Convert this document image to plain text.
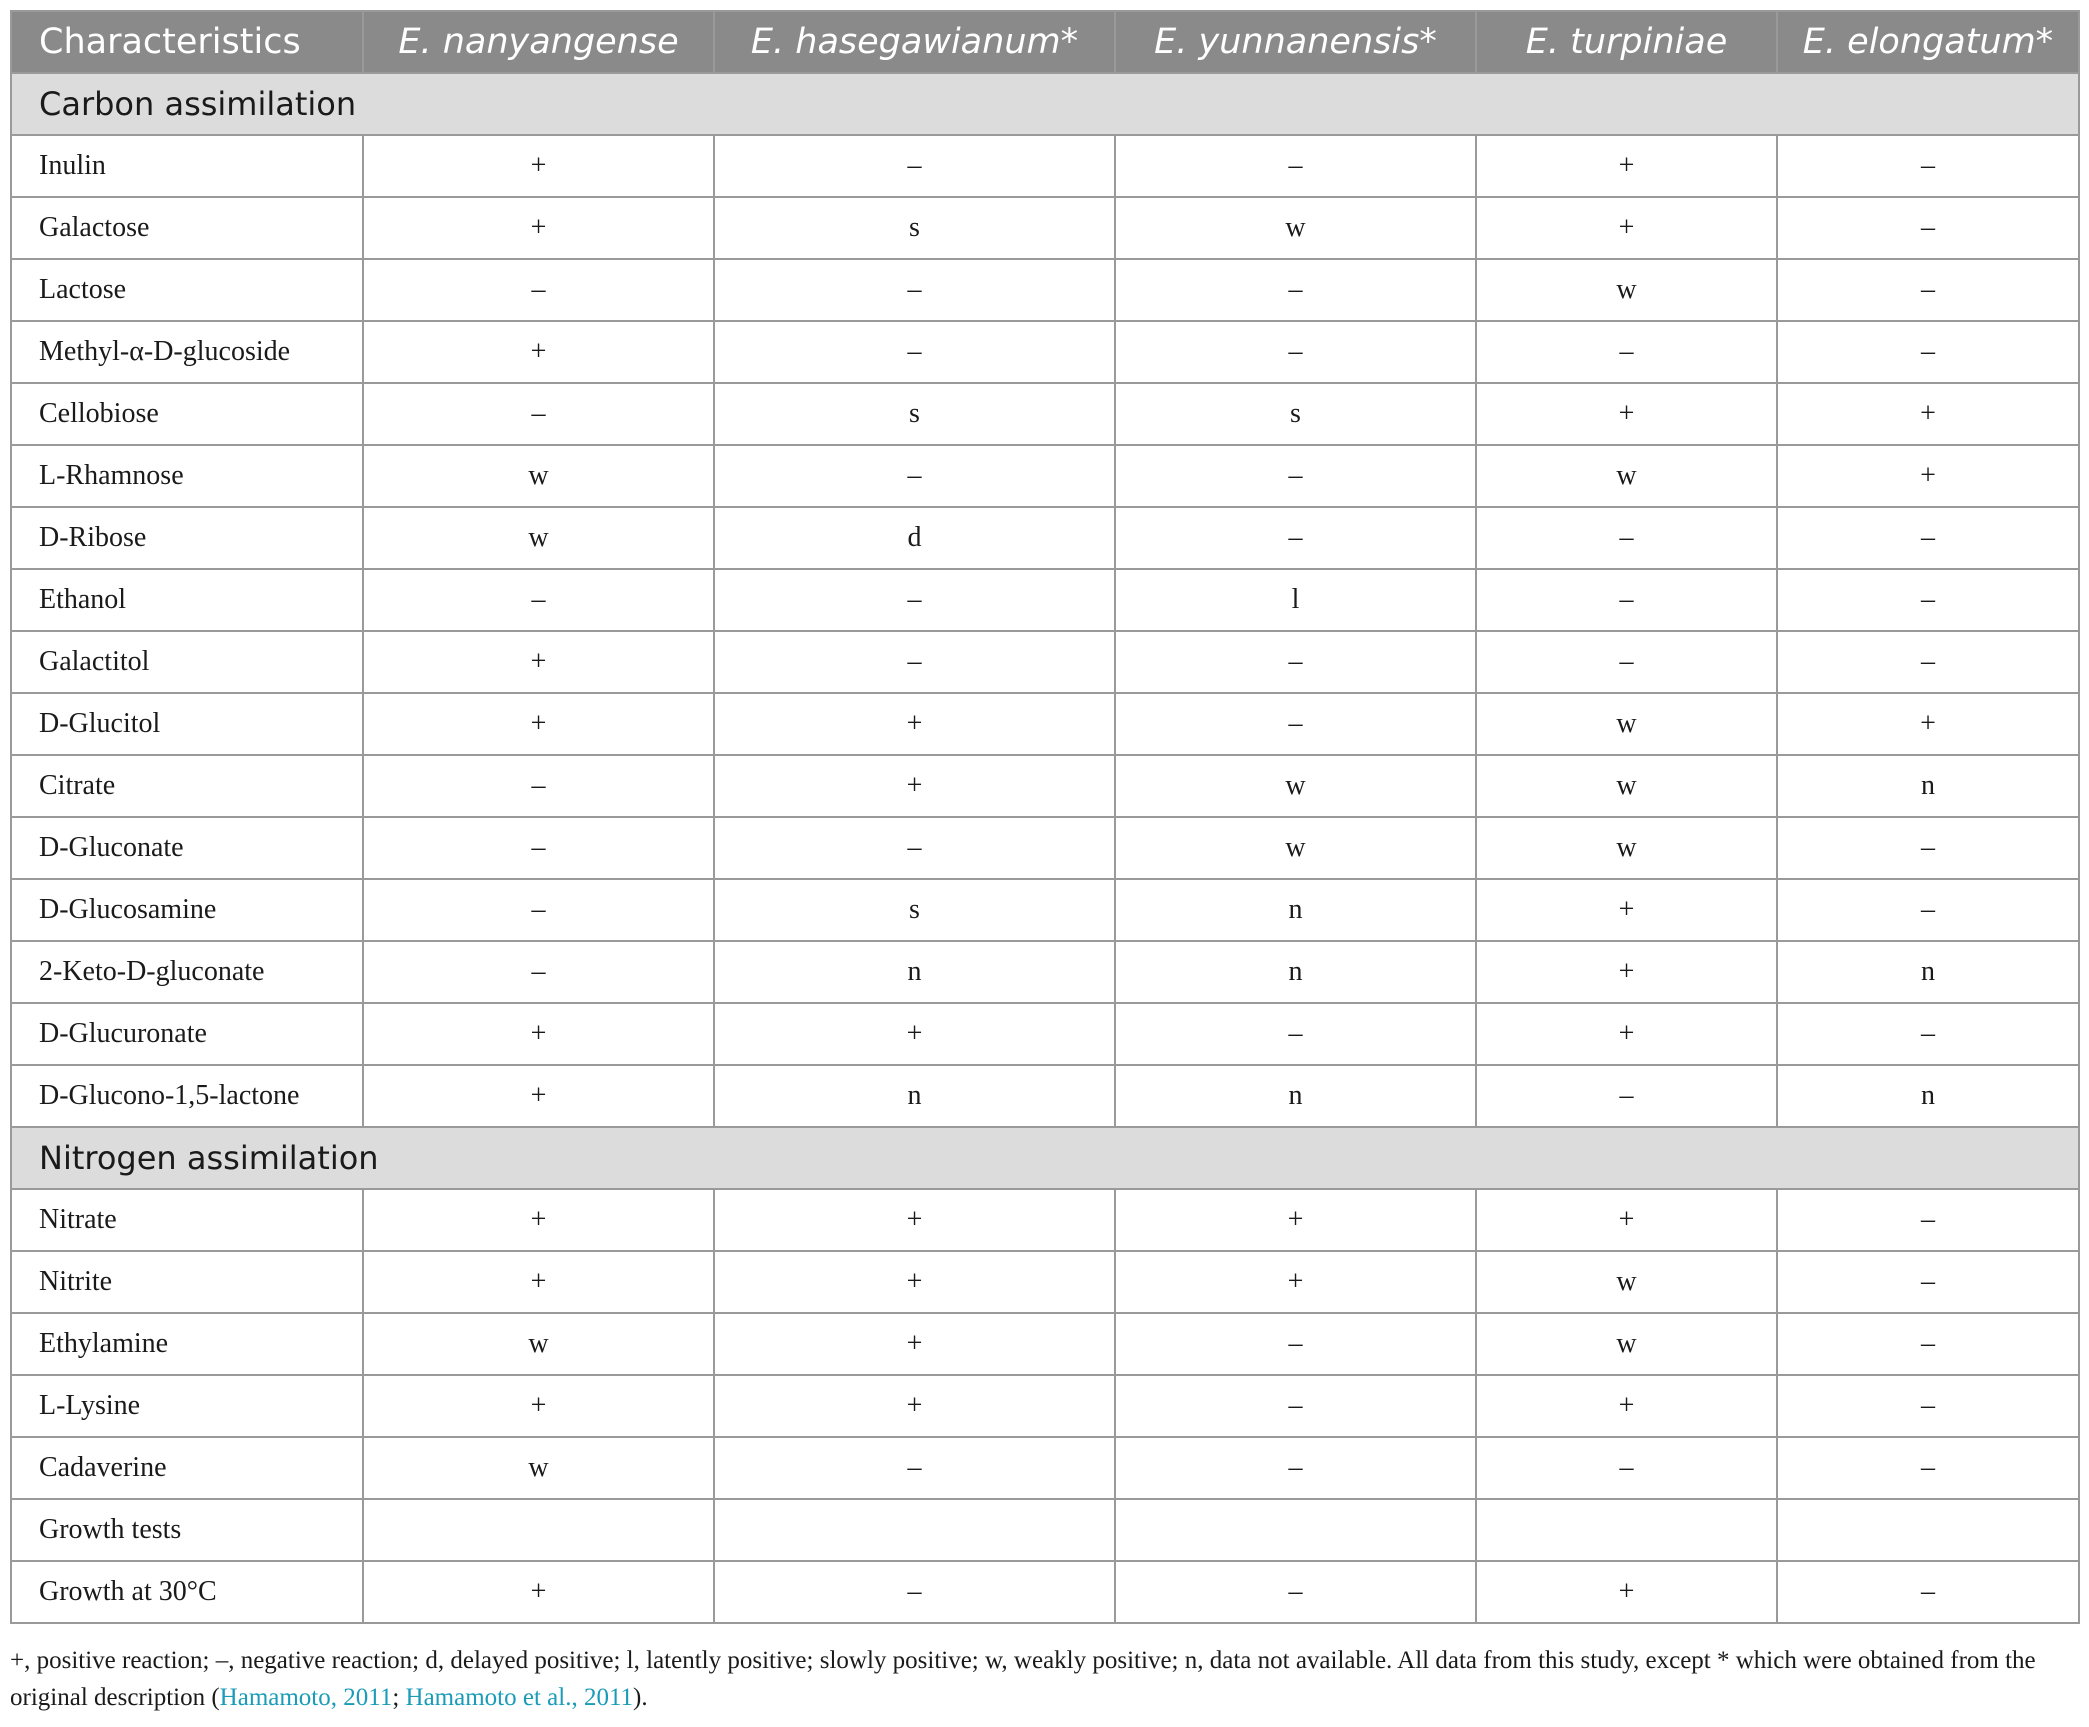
Characteristics	E. nanyangense	E. hasegawianum*	E. yunnanensis*	E. turpiniae	E. elongatum*
Carbon assimilation					
Inulin	+	–	–	+	–
Galactose	+	s	w	+	–
Lactose	–	–	–	w	–
Methyl-α-D-glucoside	+	–	–	–	–
Cellobiose	–	s	s	+	+
L-Rhamnose	w	–	–	w	+
D-Ribose	w	d	–	–	–
Ethanol	–	–	l	–	–
Galactitol	+	–	–	–	–
D-Glucitol	+	+	–	w	+
Citrate	–	+	w	w	n
D-Gluconate	–	–	w	w	–
D-Glucosamine	–	s	n	+	–
2-Keto-D-gluconate	–	n	n	+	n
D-Glucuronate	+	+	–	+	–
D-Glucono-1,5-lactone	+	n	n	–	n
Nitrogen assimilation					
Nitrate	+	+	+	+	–
Nitrite	+	+	+	w	–
Ethylamine	w	+	–	w	–
L-Lysine	+	+	–	+	–
Cadaverine	w	–	–	–	–
Growth tests					
Growth at 30°C	+	–	–	+	–
+, positive reaction; –, negative reaction; d, delayed positive; l, latently positive; slowly positive; w, weakly positive; n, data not available. All data from this study, except * which were obtained from the original description (Hamamoto, 2011; Hamamoto et al., 2011).
